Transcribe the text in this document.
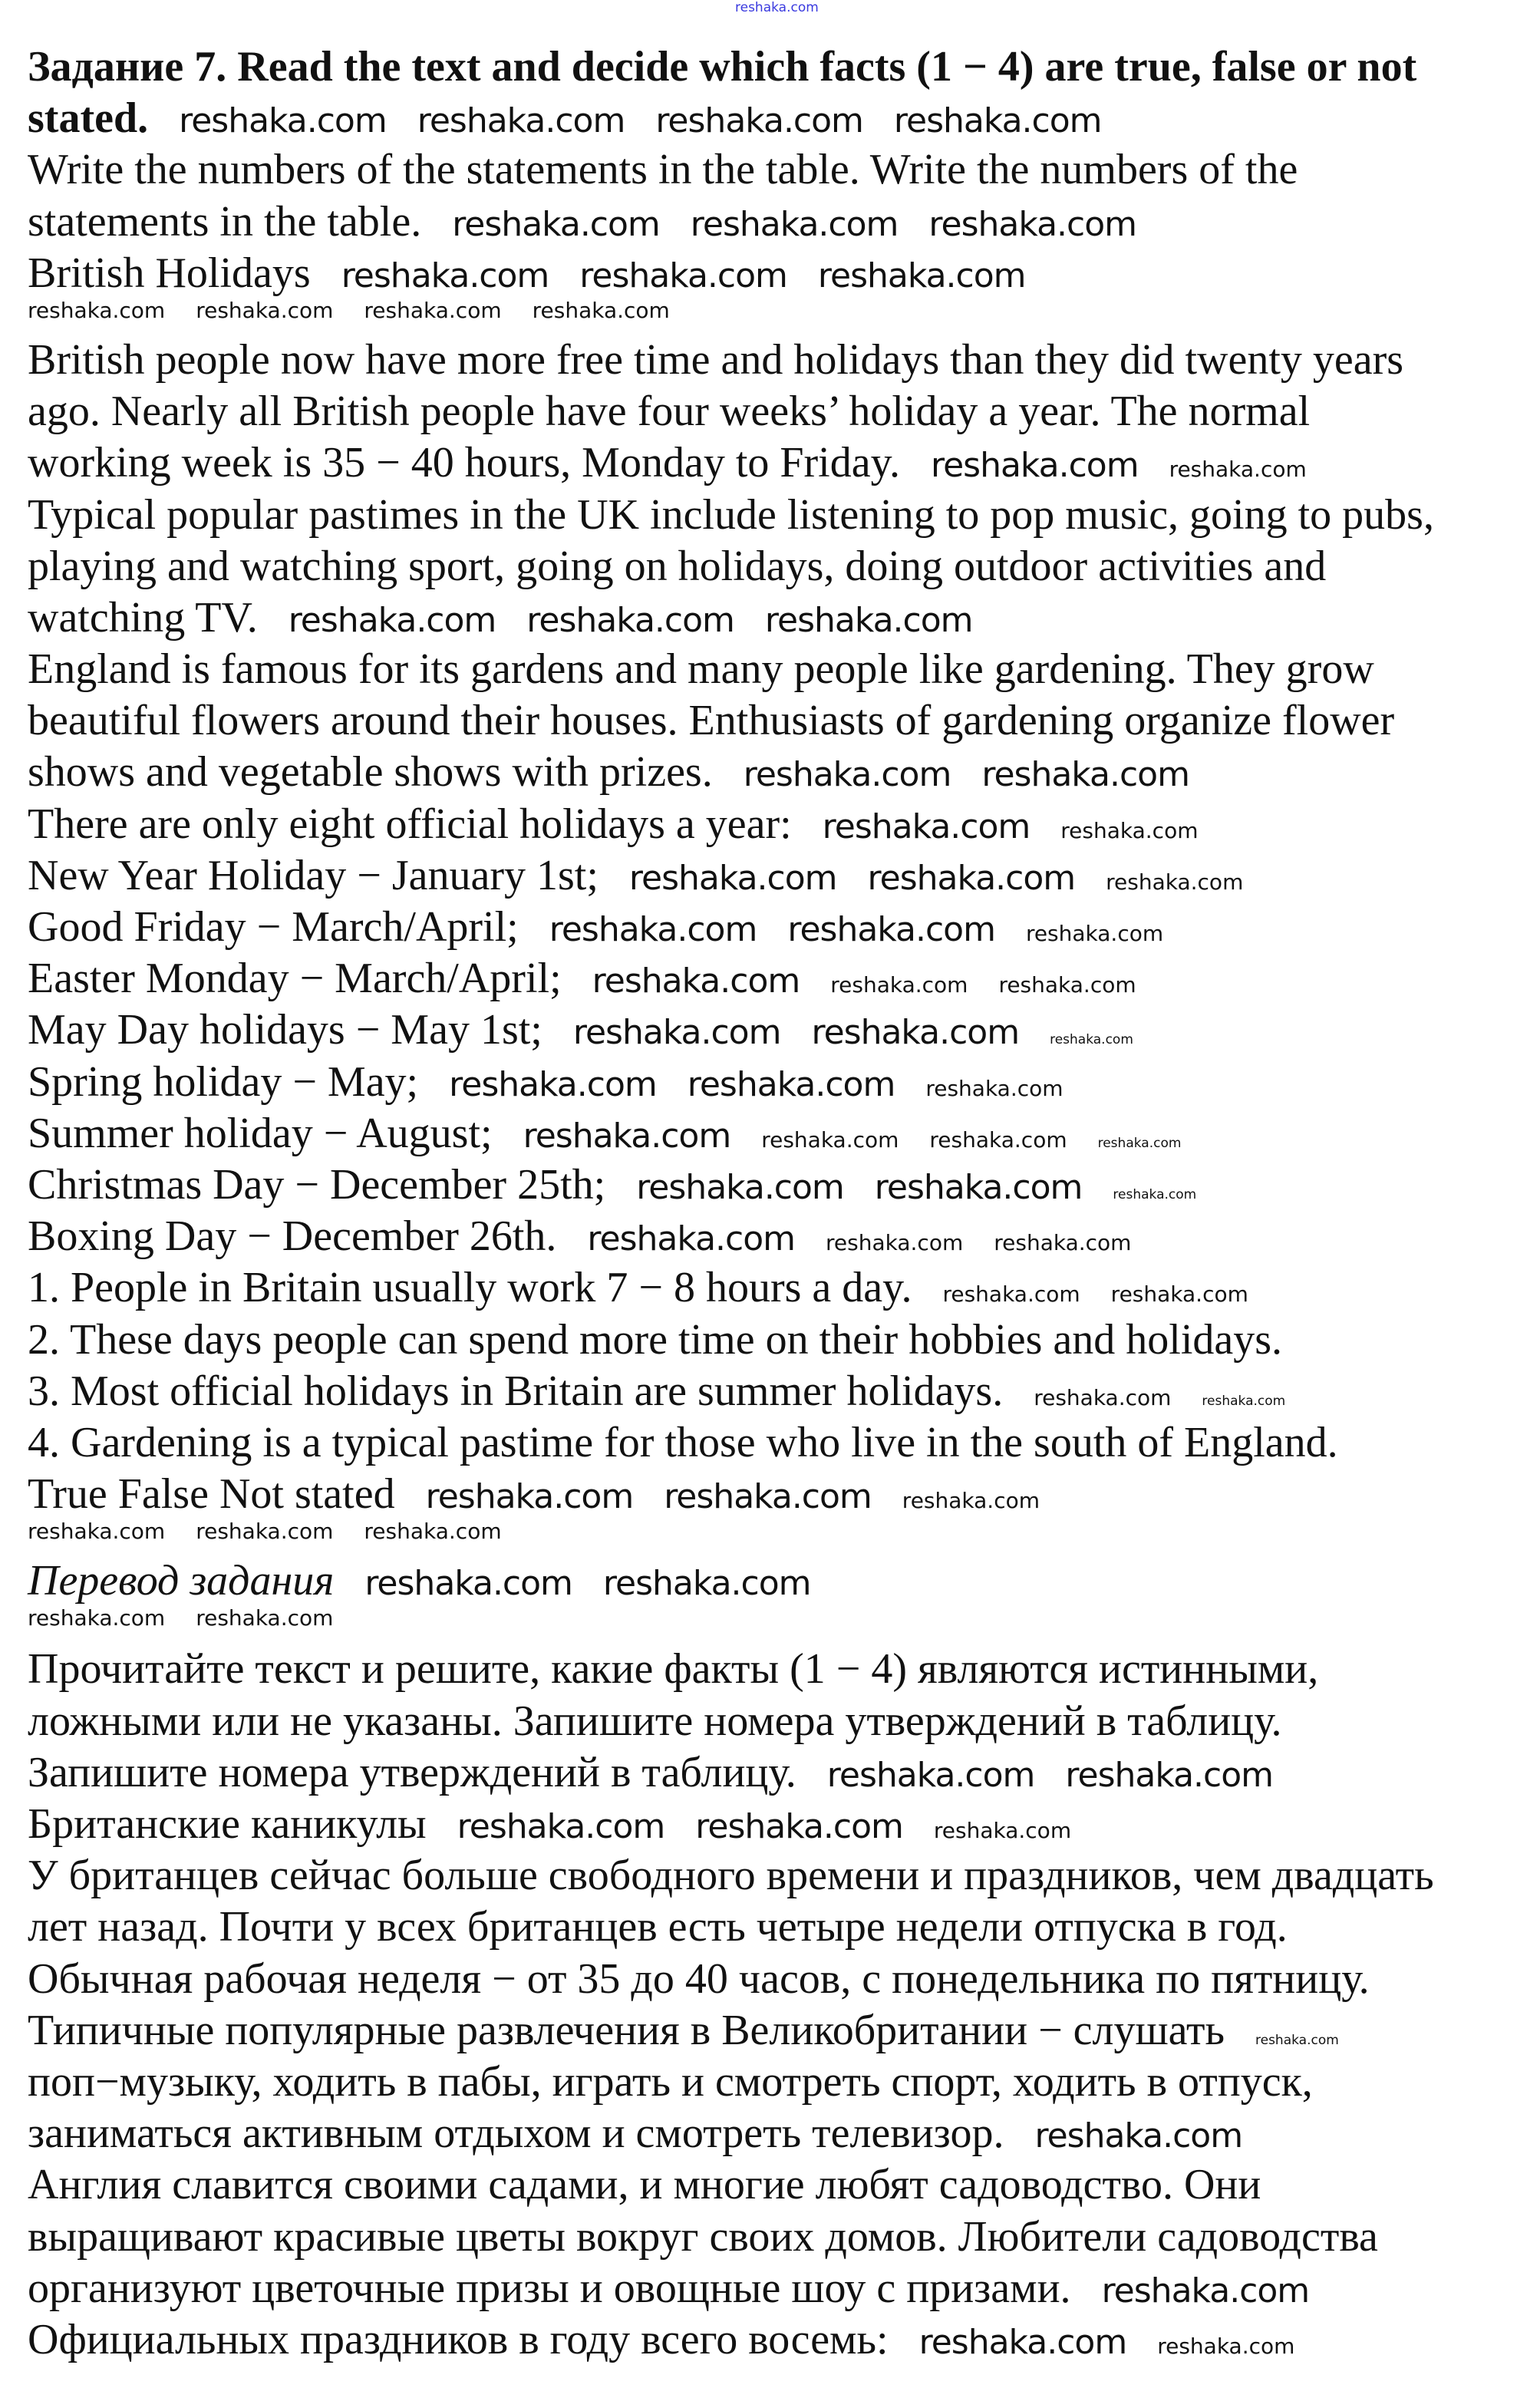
reshaka.com
Задание 7. Read the text and decide which facts (1 − 4) are true, false or not
stated. reshaka.com reshaka.com reshaka.com reshaka.com
Write the numbers of the statements in the table. Write the numbers of the
statements in the table. reshaka.com reshaka.com reshaka.com
British Holidays reshaka.com reshaka.com reshaka.com
reshaka.com reshaka.com reshaka.com reshaka.com
British people now have more free time and holidays than they did twenty years
ago. Nearly all British people have four weeks’ holiday a year. The normal
working week is 35 − 40 hours, Monday to Friday. reshaka.com reshaka.com
Typical popular pastimes in the UK include listening to pop music, going to pubs,
playing and watching sport, going on holidays, doing outdoor activities and
watching TV. reshaka.com reshaka.com reshaka.com
England is famous for its gardens and many people like gardening. They grow
beautiful flowers around their houses. Enthusiasts of gardening organize flower
shows and vegetable shows with prizes. reshaka.com reshaka.com
There are only eight official holidays a year: reshaka.com reshaka.com
New Year Holiday − January 1st; reshaka.com reshaka.com reshaka.com
Good Friday − March/April; reshaka.com reshaka.com reshaka.com
Easter Monday − March/April; reshaka.com reshaka.com reshaka.com
May Day holidays − May 1st; reshaka.com reshaka.com reshaka.com
Spring holiday − May; reshaka.com reshaka.com reshaka.com
Summer holiday − August; reshaka.com reshaka.com reshaka.com reshaka.com
Christmas Day − December 25th; reshaka.com reshaka.com reshaka.com
Boxing Day − December 26th. reshaka.com reshaka.com reshaka.com
1. People in Britain usually work 7 − 8 hours a day. reshaka.com reshaka.com
2. These days people can spend more time on their hobbies and holidays.
3. Most official holidays in Britain are summer holidays. reshaka.com reshaka.com
4. Gardening is a typical pastime for those who live in the south of England.
True False Not stated reshaka.com reshaka.com reshaka.com
reshaka.com reshaka.com reshaka.com
Перевод задания reshaka.com reshaka.com
reshaka.com reshaka.com
Прочитайте текст и решите, какие факты (1 − 4) являются истинными,
ложными или не указаны. Запишите номера утверждений в таблицу.
Запишите номера утверждений в таблицу. reshaka.com reshaka.com
Британские каникулы reshaka.com reshaka.com reshaka.com
У британцев сейчас больше свободного времени и праздников, чем двадцать
лет назад. Почти у всех британцев есть четыре недели отпуска в год.
Обычная рабочая неделя − от 35 до 40 часов, с понедельника по пятницу.
Типичные популярные развлечения в Великобритании − слушать reshaka.com
поп−музыку, ходить в пабы, играть и смотреть спорт, ходить в отпуск,
заниматься активным отдыхом и смотреть телевизор. reshaka.com
Англия славится своими садами, и многие любят садоводство. Они
выращивают красивые цветы вокруг своих домов. Любители садоводства
организуют цветочные призы и овощные шоу с призами. reshaka.com
Официальных праздников в году всего восемь: reshaka.com reshaka.com
